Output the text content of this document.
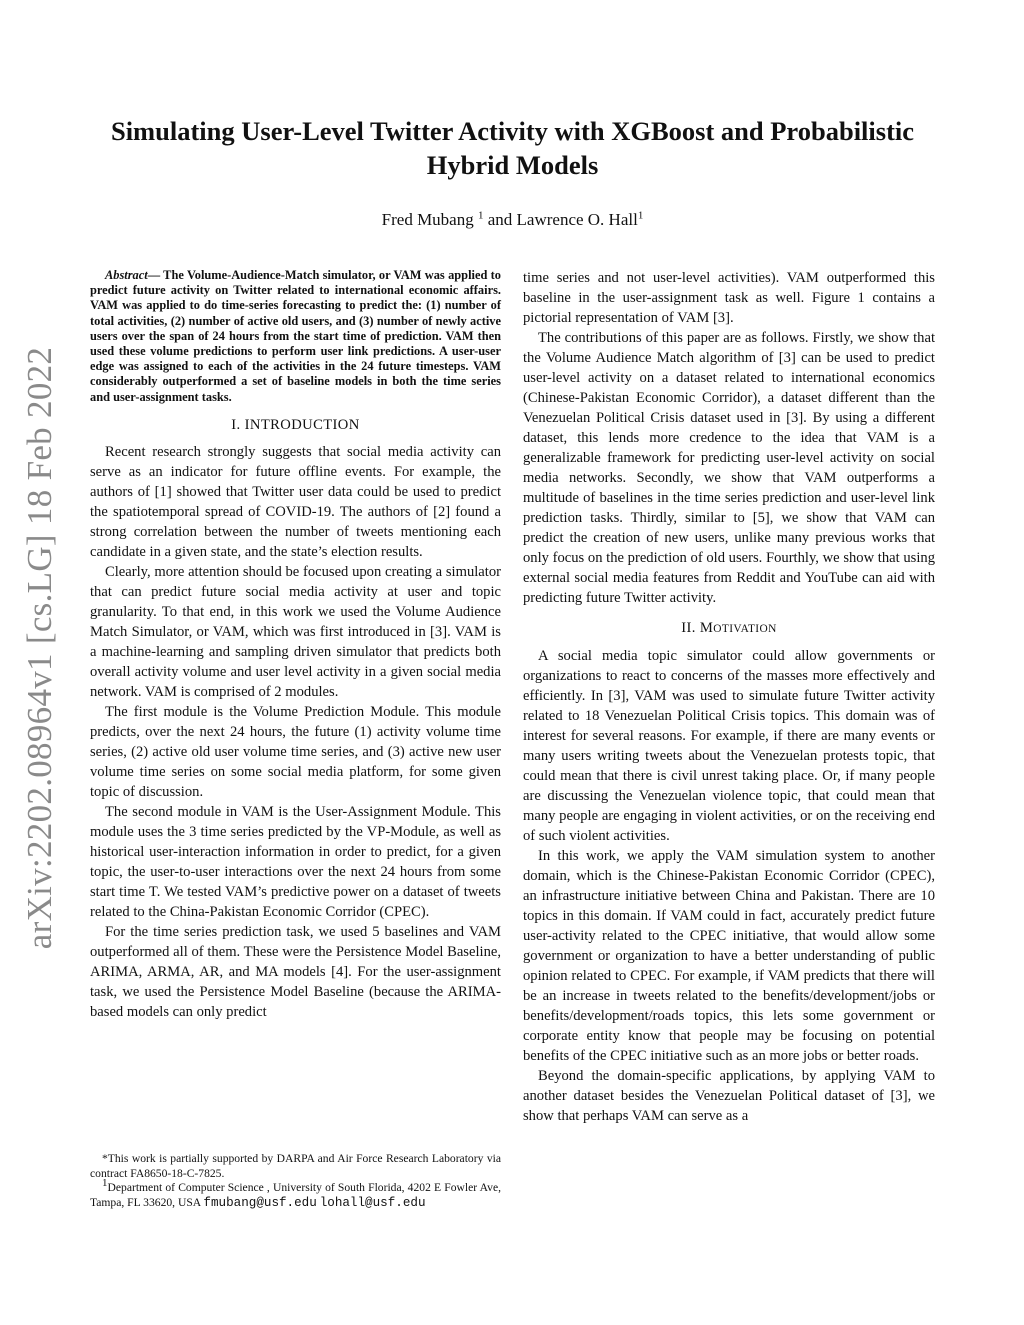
arXiv:2202.08964v1 [cs.LG] 18 Feb 2022
Simulating User-Level Twitter Activity with XGBoost and Probabilistic Hybrid Models
Fred Mubang $^1$ and Lawrence O. Hall$^1$

Abstract— The Volume-Audience-Match simulator, or VAM was applied to predict future activity on Twitter related to international economic affairs. VAM was applied to do time-series forecasting to predict the: (1) number of total activities, (2) number of active old users, and (3) number of newly active users over the span of 24 hours from the start time of prediction. VAM then used these volume predictions to perform user link predictions. A user-user edge was assigned to each of the activities in the 24 future timesteps. VAM considerably outperformed a set of baseline models in both the time series and user-assignment tasks.

I. INTRODUCTION

Recent research strongly suggests that social media activity can serve as an indicator for future offline events. For example, the authors of [1] showed that Twitter user data could be used to predict the spatiotemporal spread of COVID-19. The authors of [2] found a strong correlation between the number of tweets mentioning each candidate in a given state, and the state’s election results.

Clearly, more attention should be focused upon creating a simulator that can predict future social media activity at user and topic granularity. To that end, in this work we used the Volume Audience Match Simulator, or VAM, which was first introduced in [3]. VAM is a machine-learning and sampling driven simulator that predicts both overall activity volume and user level activity in a given social media network. VAM is comprised of 2 modules.

The first module is the Volume Prediction Module. This module predicts, over the next 24 hours, the future (1) activity volume time series, (2) active old user volume time series, and (3) active new user volume time series on some social media platform, for some given topic of discussion.

The second module in VAM is the User-Assignment Module. This module uses the 3 time series predicted by the VP-Module, as well as historical user-interaction information in order to predict, for a given topic, the user-to-user interactions over the next 24 hours from some start time T. We tested VAM’s predictive power on a dataset of tweets related to the China-Pakistan Economic Corridor (CPEC).

For the time series prediction task, we used 5 baselines and VAM outperformed all of them. These were the Persistence Model Baseline, ARIMA, ARMA, AR, and MA models [4]. For the user-assignment task, we used the Persistence Model Baseline (because the ARIMA-based models can only predict

*This work is partially supported by DARPA and Air Force Research Laboratory via contract FA8650-18-C-7825.

$^1$Department of Computer Science , University of South Florida, 4202 E Fowler Ave, Tampa, FL 33620, USA fmubang@usf.edu lohall@usf.edu

time series and not user-level activities). VAM outperformed this baseline in the user-assignment task as well. Figure 1 contains a pictorial representation of VAM [3].

The contributions of this paper are as follows. Firstly, we show that the Volume Audience Match algorithm of [3] can be used to predict user-level activity on a dataset related to international economics (Chinese-Pakistan Economic Corridor), a dataset different than the Venezuelan Political Crisis dataset used in [3]. By using a different dataset, this lends more credence to the idea that VAM is a generalizable framework for predicting user-level activity on social media networks. Secondly, we show that VAM outperforms a multitude of baselines in the time series prediction and user-level link prediction tasks. Thirdly, similar to [5], we show that VAM can predict the creation of new users, unlike many previous works that only focus on the prediction of old users. Fourthly, we show that using external social media features from Reddit and YouTube can aid with predicting future Twitter activity.

II. MOTIVATION

A social media topic simulator could allow governments or organizations to react to concerns of the masses more effectively and efficiently. In [3], VAM was used to simulate future Twitter activity related to 18 Venezuelan Political Crisis topics. This domain was of interest for several reasons. For example, if there are many events or many users writing tweets about the Venezuelan protests topic, that could mean that there is civil unrest taking place. Or, if many people are discussing the Venezuelan violence topic, that could mean that many people are engaging in violent activities, or on the receiving end of such violent activities.

In this work, we apply the VAM simulation system to another domain, which is the Chinese-Pakistan Economic Corridor (CPEC), an infrastructure initiative between China and Pakistan. There are 10 topics in this domain. If VAM could in fact, accurately predict future user-activity related to the CPEC initiative, that would allow some government or organization to have a better understanding of public opinion related to CPEC. For example, if VAM predicts that there will be an increase in tweets related to the benefits/development/jobs or benefits/development/roads topics, this lets some government or corporate entity know that people may be focusing on potential benefits of the CPEC initiative such as an more jobs or better roads.

Beyond the domain-specific applications, by applying VAM to another dataset besides the Venezuelan Political dataset of [3], we show that perhaps VAM can serve as a
